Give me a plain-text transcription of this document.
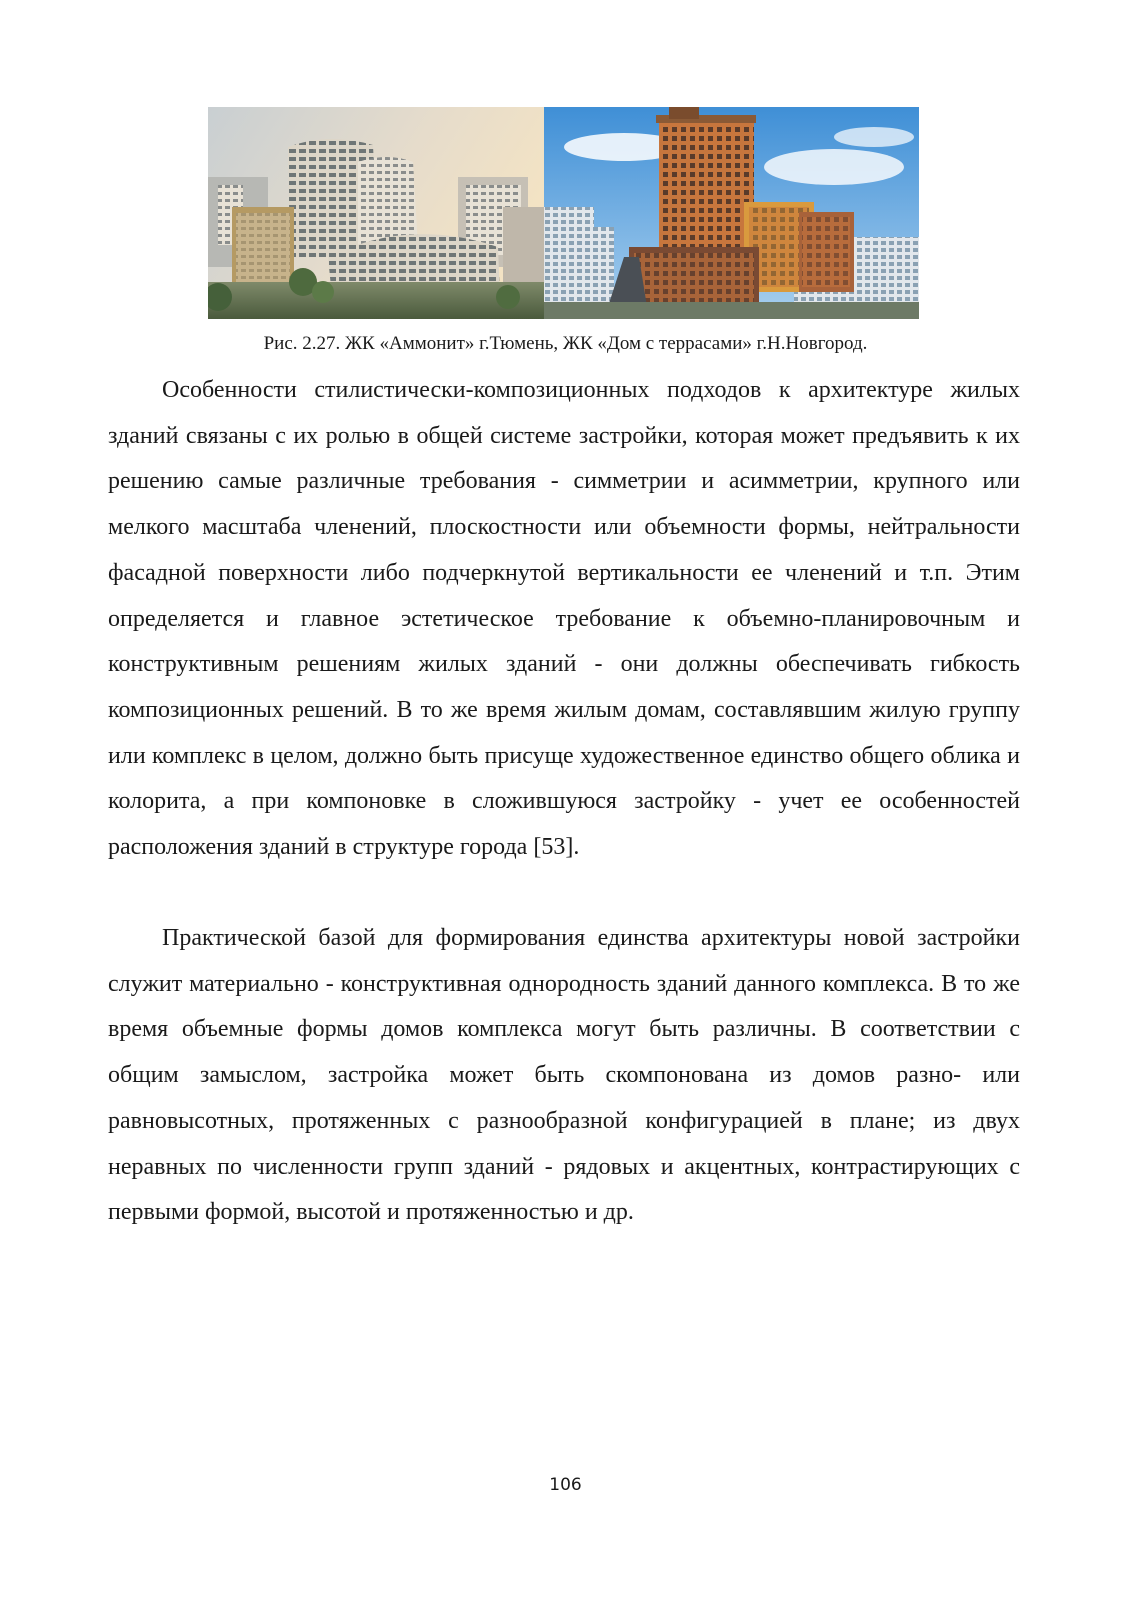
Рис. 2.27. ЖК «Аммонит» г.Тюмень, ЖК «Дом с террасами» г.Н.Новгород.

Особенности стилистически-композиционных подходов к архитектуре жилых зданий связаны с их ролью в общей системе застройки, которая может предъявить к их решению самые различные требования - симметрии и асимметрии, крупного или мелкого масштаба членений, плоскостности или объемности формы, нейтральности фасадной поверхности либо подчеркнутой вертикальности ее членений и т.п. Этим определяется и главное эстетическое требование к объемно-планировочным и конструктивным решениям жилых зданий - они должны обеспечивать гибкость композиционных решений. В то же время жилым домам, составлявшим жилую группу или комплекс в целом, должно быть присуще художественное единство общего облика и колорита, а при компоновке в сложившуюся застройку - учет ее особенностей расположения зданий в структуре города [53].

Практической базой для формирования единства архитектуры новой застройки служит материально - конструктивная однородность зданий данного комплекса. В то же время объемные формы домов комплекса могут быть различны. В соответствии с общим замыслом, застройка может быть скомпонована из домов разно- или равновысотных, протяженных с разнообразной конфигурацией в плане; из двух неравных по численности групп зданий - рядовых и акцентных, контрастирующих с первыми формой, высотой и протяженностью и др.

106
